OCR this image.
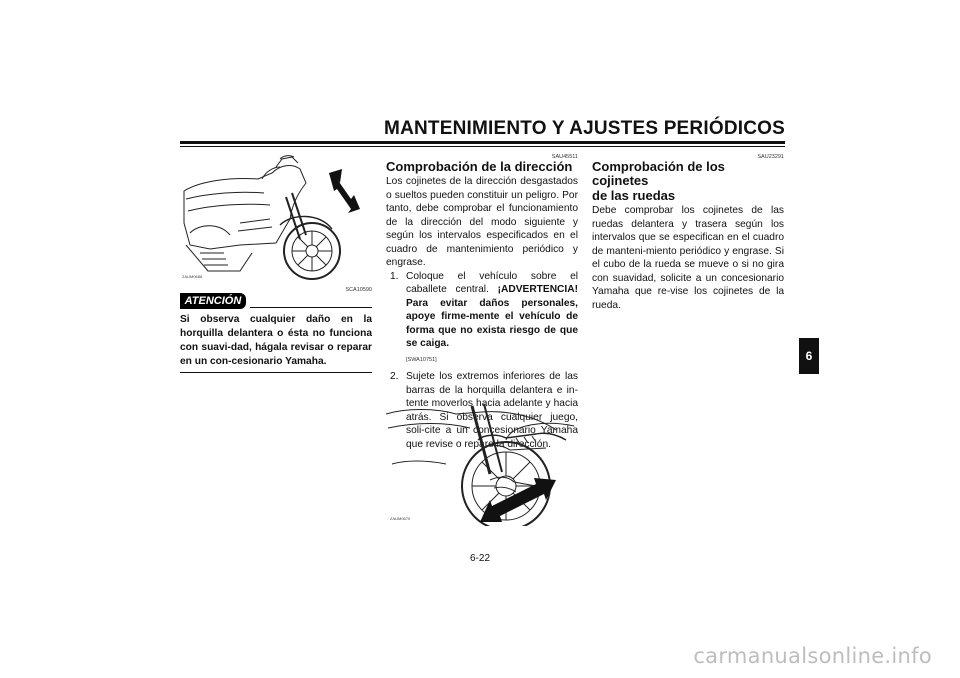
MANTENIMIENTO Y AJUSTES PERIÓDICOS
6
ZAUM0688
SCA10590
ATENCIÓN
Si observa cualquier daño en la horquilla delantera o ésta no funciona con suavi-dad, hágala revisar o reparar en un con-cesionario Yamaha.
SAU45511
Comprobación de la dirección
Los cojinetes de la dirección desgastados o sueltos pueden constituir un peligro. Por tanto, debe comprobar el funcionamiento de la dirección del modo siguiente y según los intervalos especificados en el cuadro de mantenimiento periódico y engrase.
1. Coloque el vehículo sobre el caballete central. ¡ADVERTENCIA! Para evitar daños personales, apoye firme-mente el vehículo de forma que no exista riesgo de que se caiga.
[SWA10751]
2. Sujete los extremos inferiores de las barras de la horquilla delantera e in-tente moverlos hacia adelante y hacia atrás. Si observa cualquier juego, soli-cite a un concesionario Yamaha que revise o repare la dirección.
ZAUM0670
SAU23291
Comprobación de los cojinetes
de las ruedas
Debe comprobar los cojinetes de las ruedas delantera y trasera según los intervalos que se especifican en el cuadro de manteni-miento periódico y engrase. Si el cubo de la rueda se mueve o si no gira con suavidad, solicite a un concesionario Yamaha que re-vise los cojinetes de la rueda.
6-22
carmanualsonline.info
